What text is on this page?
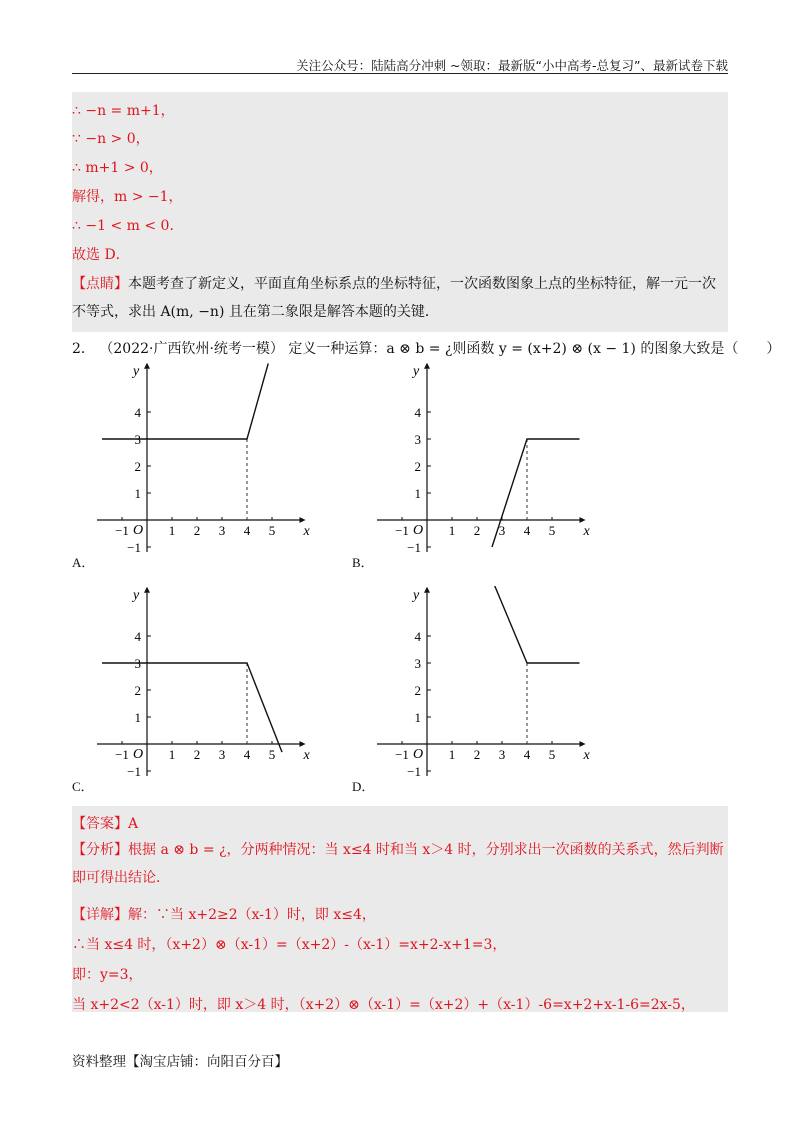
关注公众号：陆陆高分冲刺 ~领取：最新版“小中高考-总复习”、最新试卷下载
∴ −n = m+1，
∵ −n > 0，
∴ m+1 > 0，
解得，m > −1，
∴ −1 < m < 0．
故选 D．
【点睛】本题考查了新定义，平面直角坐标系点的坐标特征，一次函数图象上点的坐标特征，解一元一次不等式，求出 A(m, −n) 且在第二象限是解答本题的关键．
2． （2022·广西钦州·统考一模） 定义一种运算：a ⊗ b = ¿则函数 y = (x+2) ⊗ (x − 1) 的图象大致是（　　）
x
y
O
−1	1 2 3 4 5
4
3
2
1
−1
x
y
O
−1	1 2 3 4 5
4
3
2
1
−1
x
y
O
−1	1 2 3 4 5
4
3
2
1
−1
x
y
O
−1	1 2 3 4 5
4
3
2
1
−1
A．	B．
C．	D．
【答案】A
【分析】根据 a ⊗ b = ¿，分两种情况：当 x≤4 时和当 x＞4 时，分别求出一次函数的关系式，然后判断即可得出结论．
【详解】解：∵当 x+2≥2（x-1）时，即 x≤4，
∴当 x≤4 时，（x+2）⊗（x-1）=（x+2）-（x-1）=x+2-x+1=3，
即：y=3，
当 x+2<2（x-1）时，即 x＞4 时，（x+2）⊗（x-1）=（x+2）+（x-1）-6=x+2+x-1-6=2x-5，
资料整理【淘宝店铺：向阳百分百】
